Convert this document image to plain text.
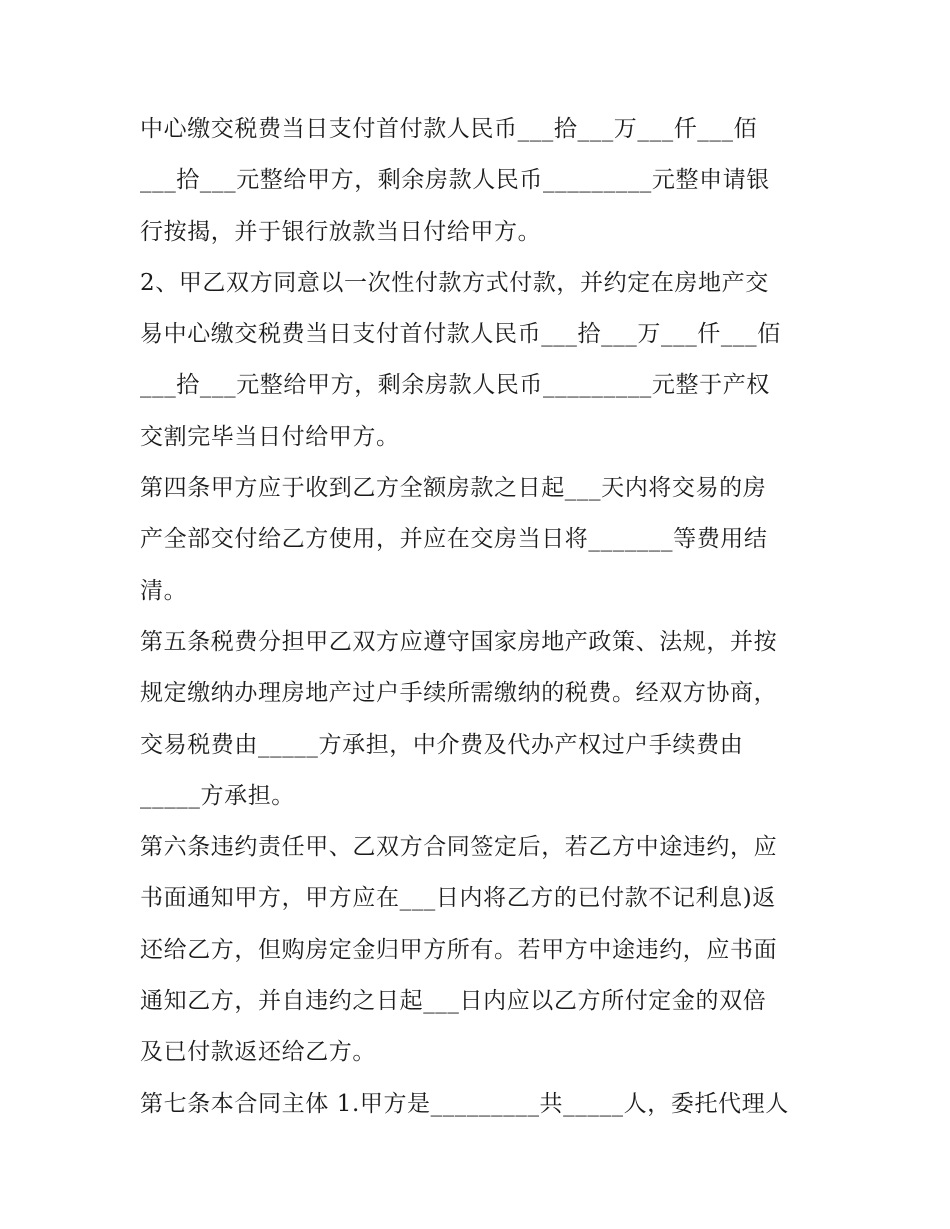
中心缴交税费当日支付首付款人民币___拾___万___仟___佰
___拾___元整给甲方，剩余房款人民币_________元整申请银
行按揭，并于银行放款当日付给甲方。
2、甲乙双方同意以一次性付款方式付款，并约定在房地产交
易中心缴交税费当日支付首付款人民币___拾___万___仟___佰
___拾___元整给甲方，剩余房款人民币_________元整于产权
交割完毕当日付给甲方。
第四条甲方应于收到乙方全额房款之日起___天内将交易的房
产全部交付给乙方使用，并应在交房当日将_______等费用结
清。
第五条税费分担甲乙双方应遵守国家房地产政策、法规，并按
规定缴纳办理房地产过户手续所需缴纳的税费。经双方协商，
交易税费由_____方承担，中介费及代办产权过户手续费由
_____方承担。
第六条违约责任甲、乙双方合同签定后，若乙方中途违约，应
书面通知甲方，甲方应在___日内将乙方的已付款不记利息)返
还给乙方，但购房定金归甲方所有。若甲方中途违约，应书面
通知乙方，并自违约之日起___日内应以乙方所付定金的双倍
及已付款返还给乙方。
第七条本合同主体 1.甲方是_________共_____人，委托代理人
